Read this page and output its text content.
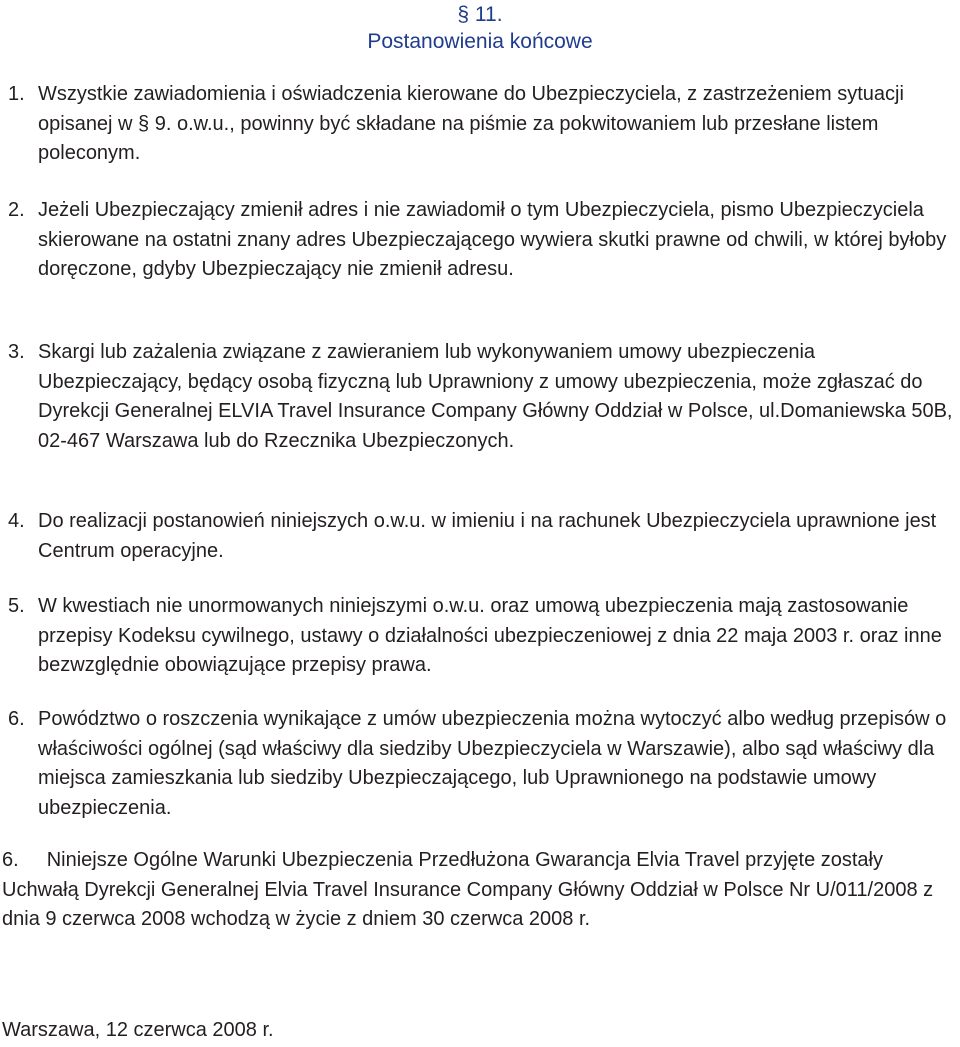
§ 11.
Postanowienia końcowe
1. Wszystkie zawiadomienia i oświadczenia kierowane do Ubezpieczyciela, z zastrzeżeniem sytuacji opisanej w § 9. o.w.u., powinny być składane na piśmie za pokwitowaniem lub przesłane listem poleconym.
2. Jeżeli Ubezpieczający zmienił adres i nie zawiadomił o tym Ubezpieczyciela, pismo Ubezpieczyciela skierowane na ostatni znany adres Ubezpieczającego wywiera skutki prawne od chwili, w której byłoby doręczone, gdyby Ubezpieczający nie zmienił adresu.
3. Skargi lub zażalenia związane z zawieraniem lub wykonywaniem umowy ubezpieczenia Ubezpieczający, będący osobą fizyczną lub Uprawniony z umowy ubezpieczenia, może zgłaszać do Dyrekcji Generalnej ELVIA Travel Insurance Company Główny Oddział w Polsce, ul.Domaniewska 50B, 02-467 Warszawa lub do Rzecznika Ubezpieczonych.
4. Do realizacji postanowień niniejszych o.w.u. w imieniu i na rachunek Ubezpieczyciela uprawnione jest Centrum operacyjne.
5. W kwestiach nie unormowanych niniejszymi o.w.u. oraz umową ubezpieczenia mają zastosowanie przepisy Kodeksu cywilnego, ustawy o działalności ubezpieczeniowej z dnia 22 maja 2003 r. oraz inne bezwzględnie obowiązujące przepisy prawa.
6. Powództwo o roszczenia wynikające z umów ubezpieczenia można wytoczyć albo według przepisów o właściwości ogólnej (sąd właściwy dla siedziby Ubezpieczyciela w Warszawie), albo sąd właściwy dla miejsca zamieszkania lub siedziby Ubezpieczającego, lub Uprawnionego na podstawie umowy ubezpieczenia.
6. Niniejsze Ogólne Warunki Ubezpieczenia Przedłużona Gwarancja Elvia Travel przyjęte zostały Uchwałą Dyrekcji Generalnej Elvia Travel Insurance Company Główny Oddział w Polsce Nr U/011/2008 z dnia 9 czerwca 2008 wchodzą w życie z dniem 30 czerwca 2008 r.
Warszawa, 12 czerwca 2008 r.
